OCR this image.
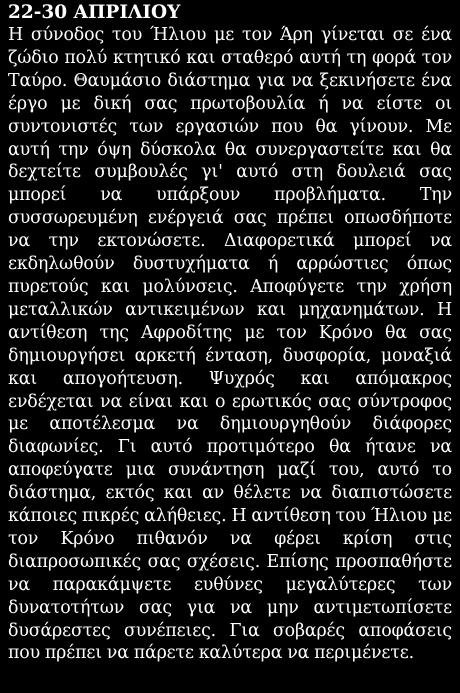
22-30 ΑΠΡΙΛΙΟΥ

Η σύνοδος του Ήλιου με τον Άρη γίνεται σε ένα ζώδιο πολύ κτητικό και σταθερό αυτή τη φορά τον Ταύρο. Θαυμάσιο διάστημα για να ξεκινήσετε ένα έργο με δική σας πρωτοβουλία ή να είστε οι συντονιστές των εργασιών που θα γίνουν. Με αυτή την όψη δύσκολα θα συνεργαστείτε και θα δεχτείτε συμβουλές γι' αυτό στη δουλειά σας μπορεί να υπάρξουν προβλήματα. Την συσσωρευμένη ενέργειά σας πρέπει οπωσδήποτε να την εκτονώσετε. Διαφορετικά μπορεί να εκδηλωθούν δυστυχήματα ή αρρώστιες όπως πυρετούς και μολύνσεις. Αποφύγετε την χρήση μεταλλικών αντικειμένων και μηχανημάτων. Η αντίθεση της Αφροδίτης με τον Κρόνο θα σας δημιουργήσει αρκετή ένταση, δυσφορία, μοναξιά και απογοήτευση. Ψυχρός και απόμακρος ενδέχεται να είναι και ο ερωτικός σας σύντροφος με αποτέλεσμα να δημιουργηθούν διάφορες διαφωνίες. Γι αυτό προτιμότερο θα ήτανε να αποφεύγατε μια συνάντηση μαζί του, αυτό το διάστημα, εκτός και αν θέλετε να διαπιστώσετε κάποιες πικρές αλήθειες. Η αντίθεση του Ήλιου με τον Κρόνο πιθανόν να φέρει κρίση στις διαπροσωπικές σας σχέσεις. Επίσης προσπαθήστε να παρακάμψετε ευθύνες μεγαλύτερες των δυνατοτήτων σας για να μην αντιμετωπίσετε δυσάρεστες συνέπειες. Για σοβαρές αποφάσεις που πρέπει να πάρετε καλύτερα να περιμένετε.
